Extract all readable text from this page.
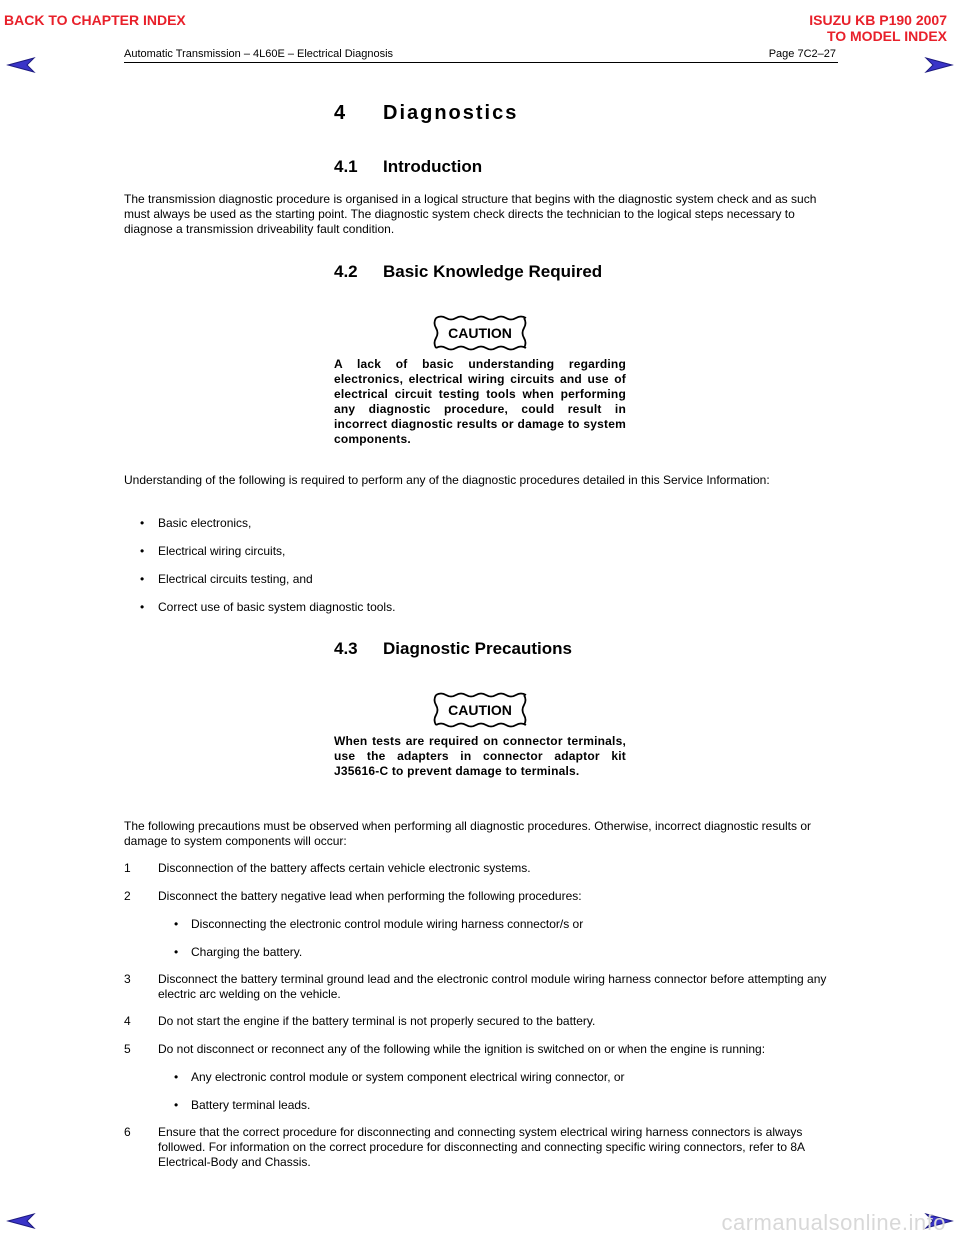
BACK TO CHAPTER INDEX	ISUZU KB P190 2007
TO MODEL INDEX
Automatic Transmission – 4L60E – Electrical Diagnosis	Page 7C2–27
4 Diagnostics
4.1 Introduction
The transmission diagnostic procedure is organised in a logical structure that begins with the diagnostic system check and as such must always be used as the starting point. The diagnostic system check directs the technician to the logical steps necessary to diagnose a transmission driveability fault condition.
4.2 Basic Knowledge Required
CAUTION
A lack of basic understanding regarding electronics, electrical wiring circuits and use of electrical circuit testing tools when performing any diagnostic procedure, could result in incorrect diagnostic results or damage to system components.
Understanding of the following is required to perform any of the diagnostic procedures detailed in this Service Information:
• Basic electronics,
• Electrical wiring circuits,
• Electrical circuits testing, and
• Correct use of basic system diagnostic tools.
4.3 Diagnostic Precautions
CAUTION
When tests are required on connector terminals, use the adapters in connector adaptor kit J35616-C to prevent damage to terminals.
The following precautions must be observed when performing all diagnostic procedures. Otherwise, incorrect diagnostic results or damage to system components will occur:
1 Disconnection of the battery affects certain vehicle electronic systems.
2 Disconnect the battery negative lead when performing the following procedures:
• Disconnecting the electronic control module wiring harness connector/s or
• Charging the battery.
3 Disconnect the battery terminal ground lead and the electronic control module wiring harness connector before attempting any electric arc welding on the vehicle.
4 Do not start the engine if the battery terminal is not properly secured to the battery.
5 Do not disconnect or reconnect any of the following while the ignition is switched on or when the engine is running:
• Any electronic control module or system component electrical wiring connector, or
• Battery terminal leads.
6 Ensure that the correct procedure for disconnecting and connecting system electrical wiring harness connectors is always followed. For information on the correct procedure for disconnecting and connecting specific wiring connectors, refer to 8A Electrical-Body and Chassis.
carmanualsonline.info
